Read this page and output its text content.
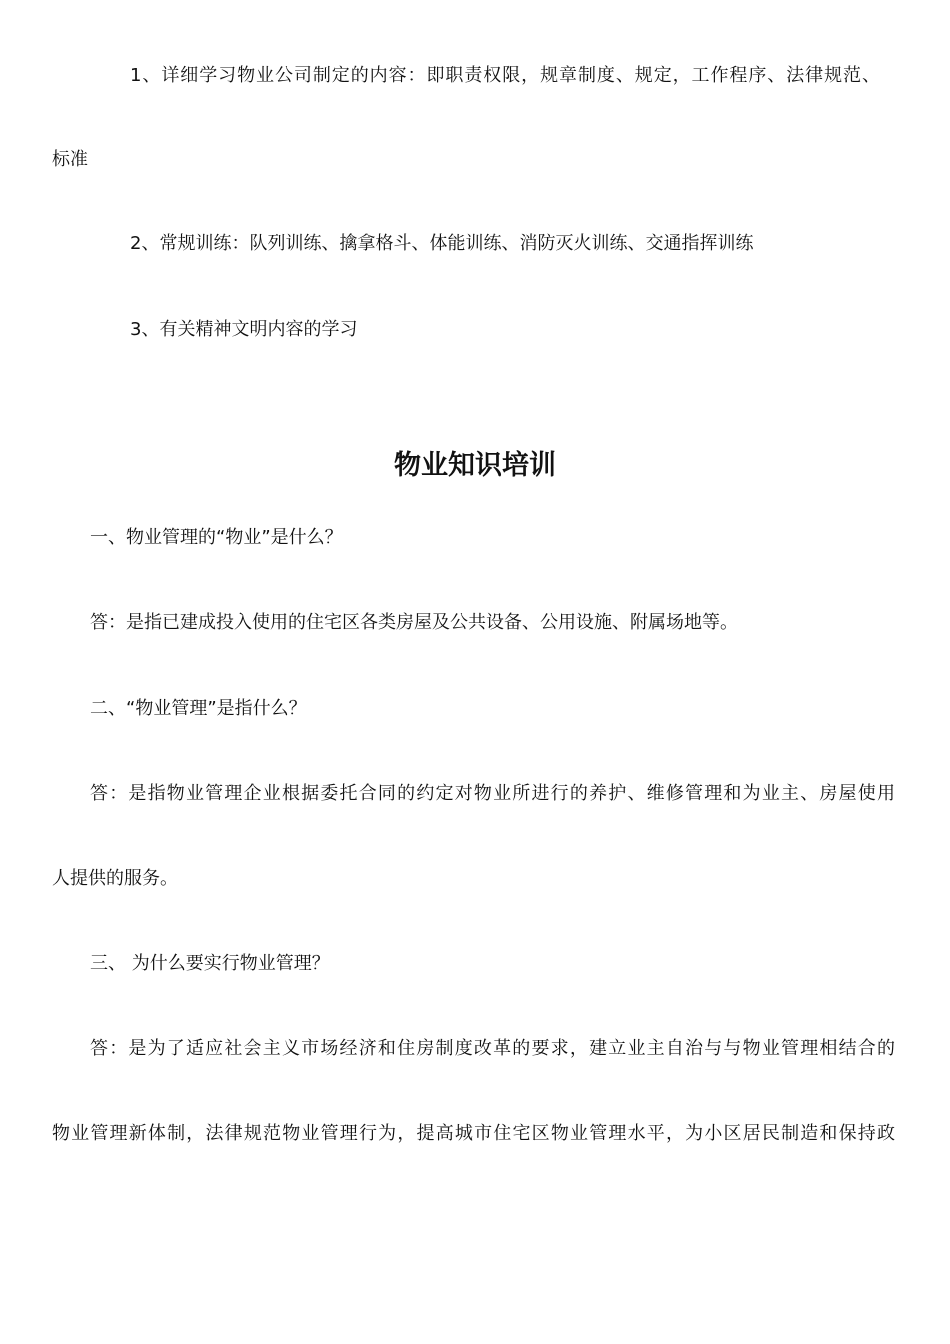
1、详细学习物业公司制定的内容：即职责权限，规章制度、规定，工作程序、法律规范、
标准
2、常规训练：队列训练、擒拿格斗、体能训练、消防灭火训练、交通指挥训练
3、有关精神文明内容的学习
物业知识培训
一、物业管理的“物业”是什么？
答：是指已建成投入使用的住宅区各类房屋及公共设备、公用设施、附属场地等。
二、“物业管理”是指什么？
答：是指物业管理企业根据委托合同的约定对物业所进行的养护、维修管理和为业主、房屋使用
人提供的服务。
三、 为什么要实行物业管理？
答：是为了适应社会主义市场经济和住房制度改革的要求，建立业主自治与与物业管理相结合的
物业管理新体制，法律规范物业管理行为，提高城市住宅区物业管理水平，为小区居民制造和保持政
